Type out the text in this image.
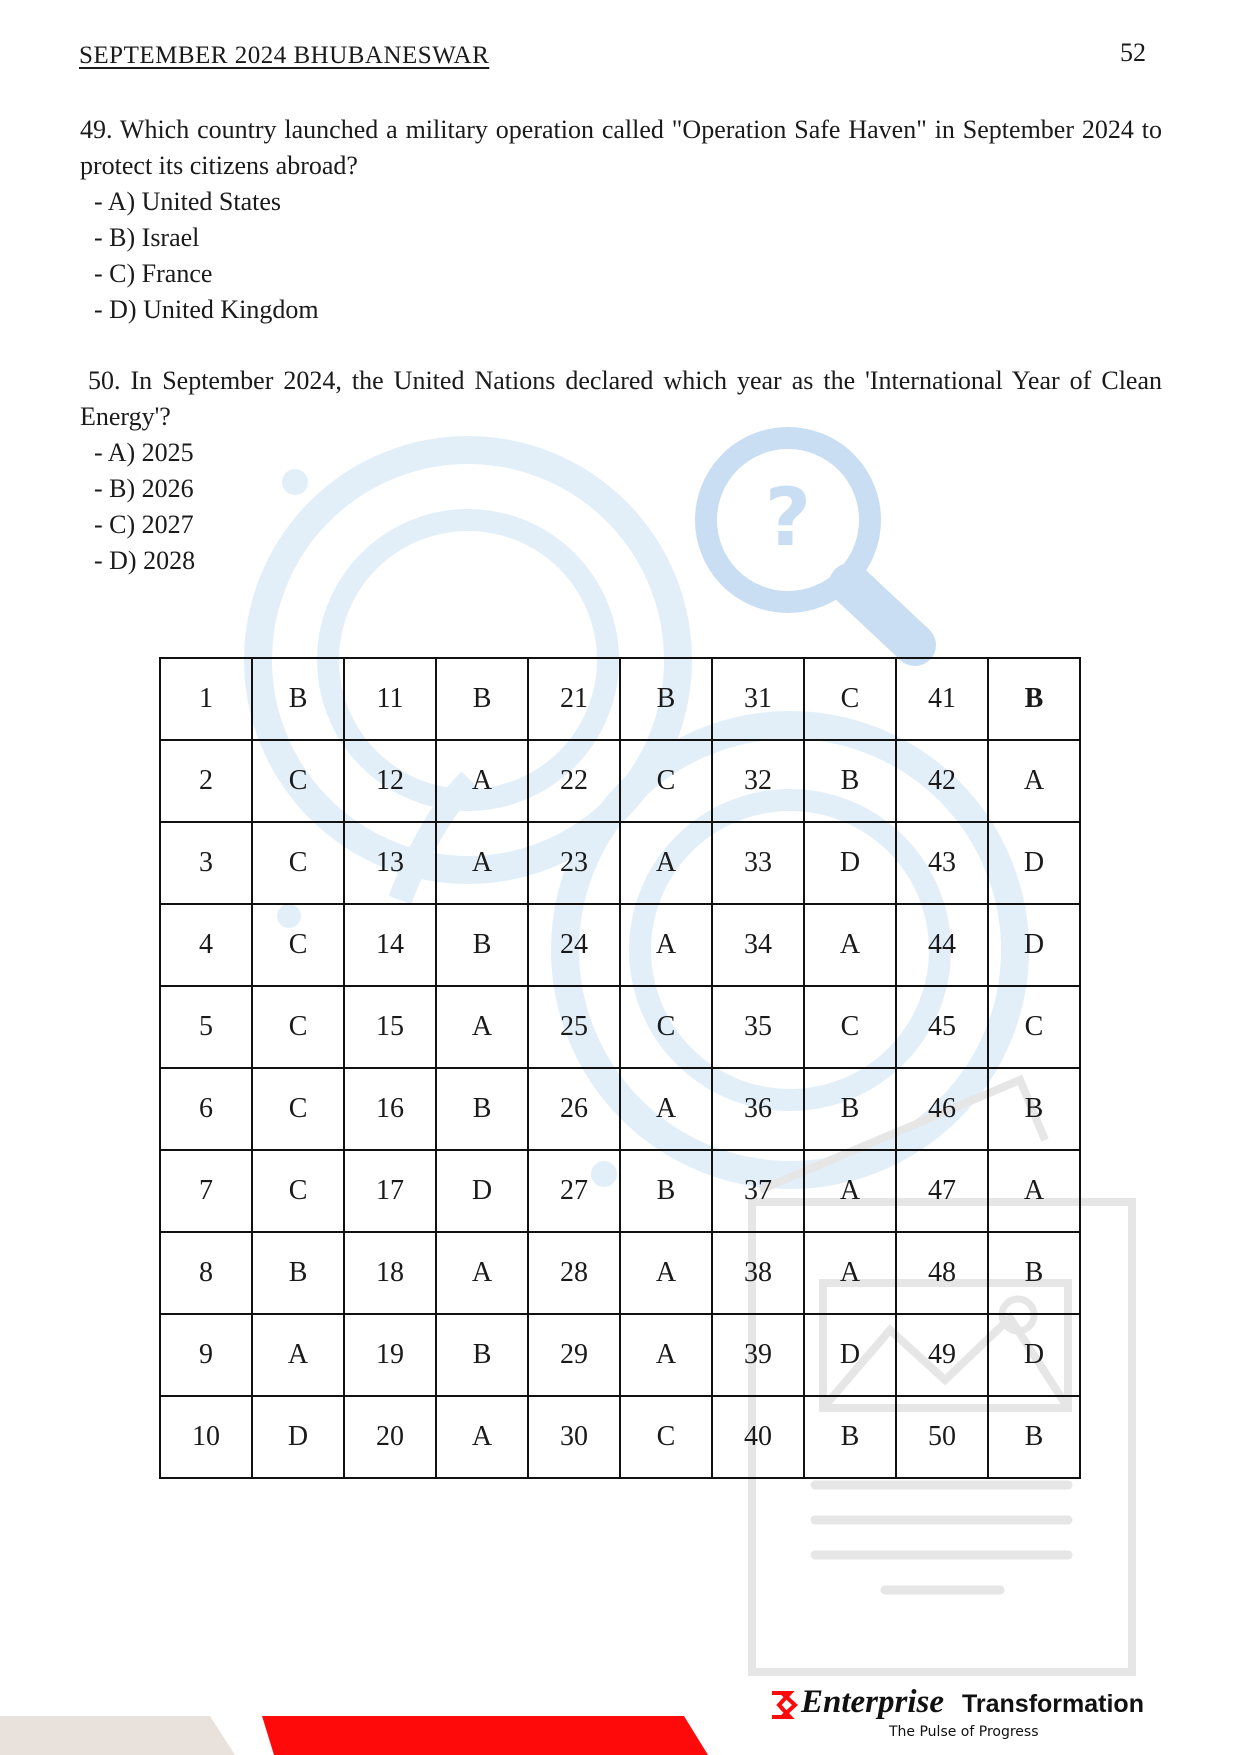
?
SEPTEMBER 2024 BHUBANESWAR	52
49. Which country launched a military operation called "Operation Safe Haven" in September 2024 to protect its citizens abroad?
- A) United States
- B) Israel
- C) France
- D) United Kingdom
50. In September 2024, the United Nations declared which year as the 'International Year of Clean Energy'?
- A) 2025
- B) 2026
- C) 2027
- D) 2028
1	B	11	B	21	B	31	C	41	B
2	C	12	A	22	C	32	B	42	A
3	C	13	A	23	A	33	D	43	D
4	C	14	B	24	A	34	A	44	D
5	C	15	A	25	C	35	C	45	C
6	C	16	B	26	A	36	B	46	B
7	C	17	D	27	B	37	A	47	A
8	B	18	A	28	A	38	A	48	B
9	A	19	B	29	A	39	D	49	D
10	D	20	A	30	C	40	B	50	B
Enterprise Transformation
The Pulse of Progress
